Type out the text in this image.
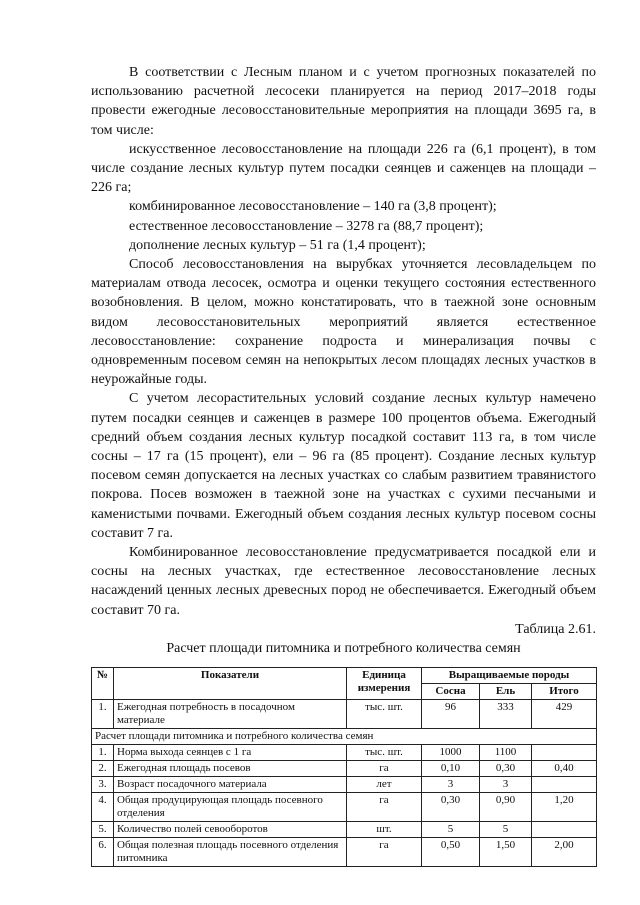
В соответствии с Лесным планом и с учетом прогнозных показателей по использованию расчетной лесосеки планируется на период 2017–2018 годы провести ежегодные лесовосстановительные мероприятия на площади 3695 га, в том числе:

искусственное лесовосстановление на площади 226 га (6,1 процент), в том числе создание лесных культур путем посадки сеянцев и саженцев на площади – 226 га;

комбинированное лесовосстановление – 140 га (3,8 процент);

естественное лесовосстановление – 3278 га (88,7 процент);

дополнение лесных культур – 51 га (1,4 процент);

Способ лесовосстановления на вырубках уточняется лесовладельцем по материалам отвода лесосек, осмотра и оценки текущего состояния естественного возобновления. В целом, можно констатировать, что в таежной зоне основным видом лесовосстановительных мероприятий является естественное лесовосстановление: сохранение подроста и минерализация почвы с одновременным посевом семян на непокрытых лесом площадях лесных участков в неурожайные годы.

С учетом лесорастительных условий создание лесных культур намечено путем посадки сеянцев и саженцев в размере 100 процентов объема. Ежегодный средний объем создания лесных культур посадкой составит 113 га, в том числе сосны – 17 га (15 процент), ели – 96 га (85 процент). Создание лесных культур посевом семян допускается на лесных участках со слабым развитием травянистого покрова. Посев возможен в таежной зоне на участках с сухими песчаными и каменистыми почвами. Ежегодный объем создания лесных культур посевом сосны составит 7 га.

Комбинированное лесовосстановление предусматривается посадкой ели и сосны на лесных участках, где естественное лесовосстановление лесных насаждений ценных лесных древесных пород не обеспечивается. Ежегодный объем составит 70 га.

Таблица 2.61.
Расчет площади питомника и потребного количества семян
№	Показатели	Единица измерения	Выращиваемые породы		
			Сосна	Ель	Итого
1.	Ежегодная потребность в посадочном материале	тыс. шт.	96	333	429
Расчет площади питомника и потребного количества семян					
1.	Норма выхода сеянцев с 1 га	тыс. шт.	1000	1100	
2.	Ежегодная площадь посевов	га	0,10	0,30	0,40
3.	Возраст посадочного материала	лет	3	3	
4.	Общая продуцирующая площадь посевного отделения	га	0,30	0,90	1,20
5.	Количество полей севооборотов	шт.	5	5	
6.	Общая полезная площадь посевного отделения питомника	га	0,50	1,50	2,00
